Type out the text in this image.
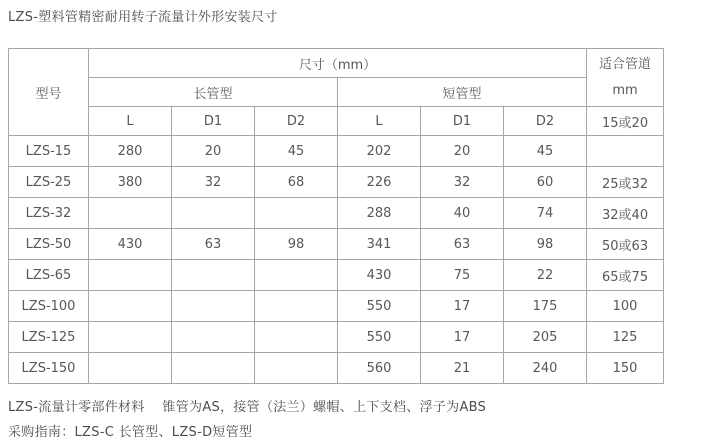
LZS-塑料管精密耐用转子流量计外形安装尺寸
型号	尺寸（mm）						适合管道
mm

	长管型			短管型			
	L	D1	D2	L	D1	D2	15或20
LZS-15	280	20	45	202	20	45	
LZS-25	380	32	68	226	32	60	25或32
LZS-32				288	40	74	32或40
LZS-50	430	63	98	341	63	98	50或63
LZS-65				430	75	22	65或75
LZS-100				550	17	175	100
LZS-125				550	17	205	125
LZS-150				560	21	240	150
LZS-流量计零部件材料　 锥管为AS，接管（法兰）螺帽、上下支档、浮子为ABS
采购指南：LZS-C 长管型、LZS-D短管型
